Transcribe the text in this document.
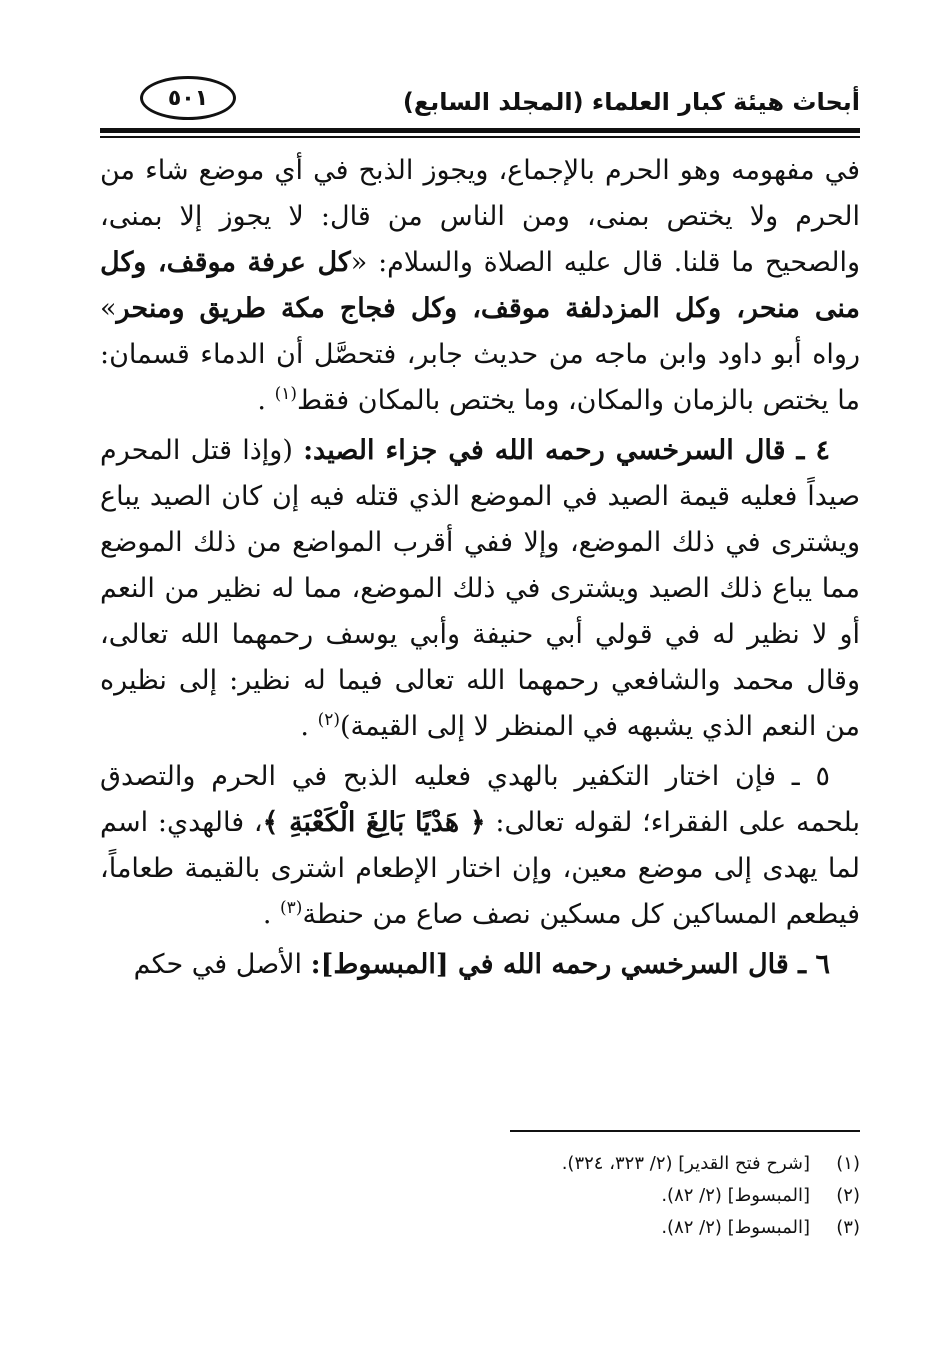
٥٠١	أبحاث هيئة كبار العلماء (المجلد السابع)

في مفهومه وهو الحرم بالإجماع، ويجوز الذبح في أي موضع شاء من الحرم ولا يختص بمنى، ومن الناس من قال: لا يجوز إلا بمنى، والصحيح ما قلنا. قال عليه الصلاة والسلام: «كل عرفة موقف، وكل منى منحر، وكل المزدلفة موقف، وكل فجاج مكة طريق ومنحر» رواه أبو داود وابن ماجه من حديث جابر، فتحصَّل أن الدماء قسمان: ما يختص بالزمان والمكان، وما يختص بالمكان فقط$^{(١)}$ .

٤ ـ قال السرخسي رحمه الله في جزاء الصيد: (وإذا قتل المحرم صيداً فعليه قيمة الصيد في الموضع الذي قتله فيه إن كان الصيد يباع ويشترى في ذلك الموضع، وإلا ففي أقرب المواضع من ذلك الموضع مما يباع ذلك الصيد ويشترى في ذلك الموضع، مما له نظير من النعم أو لا نظير له في قولي أبي حنيفة وأبي يوسف رحمهما الله تعالى، وقال محمد والشافعي رحمهما الله تعالى فيما له نظير: إلى نظيره من النعم الذي يشبهه في المنظر لا إلى القيمة)$^{(٢)}$ .

٥ ـ فإن اختار التكفير بالهدي فعليه الذبح في الحرم والتصدق بلحمه على الفقراء؛ لقوله تعالى: ﴿ هَدْيًا بَالِغَ الْكَعْبَةِ ﴾، فالهدي: اسم لما يهدى إلى موضع معين، وإن اختار الإطعام اشترى بالقيمة طعاماً، فيطعم المساكين كل مسكين نصف صاع من حنطة$^{(٣)}$ .

٦ ـ قال السرخسي رحمه الله في [المبسوط]: الأصل في حكم

(١)
[شرح فتح القدير] (٢/ ٣٢٣، ٣٢٤).
(٢)
[المبسوط] (٢/ ٨٢).
(٣)
[المبسوط] (٢/ ٨٢).
